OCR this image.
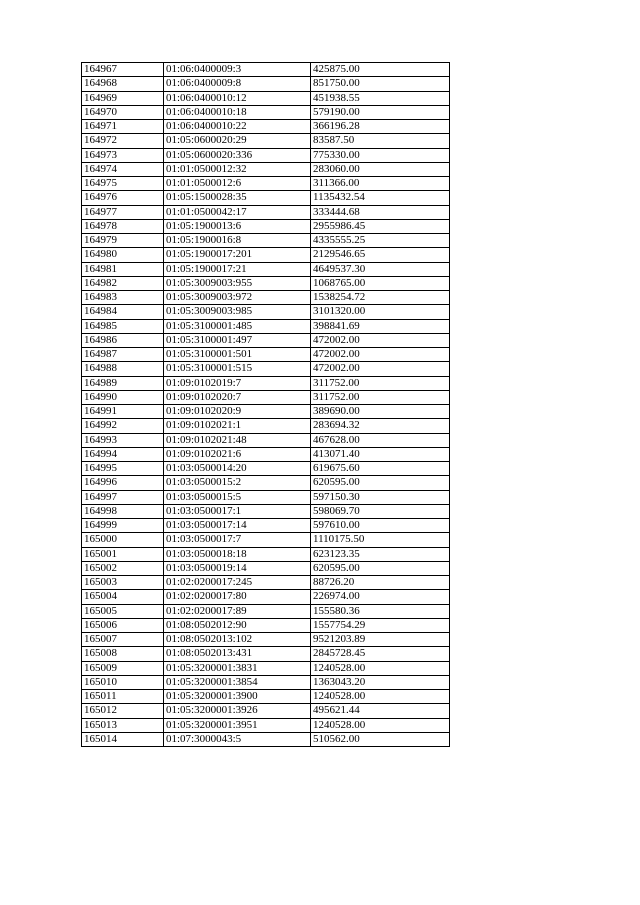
164967	01:06:0400009:3	425875.00
164968	01:06:0400009:8	851750.00
164969	01:06:0400010:12	451938.55
164970	01:06:0400010:18	579190.00
164971	01:06:0400010:22	366196.28
164972	01:05:0600020:29	83587.50
164973	01:05:0600020:336	775330.00
164974	01:01:0500012:32	283060.00
164975	01:01:0500012:6	311366.00
164976	01:05:1500028:35	1135432.54
164977	01:01:0500042:17	333444.68
164978	01:05:1900013:6	2955986.45
164979	01:05:1900016:8	4335555.25
164980	01:05:1900017:201	2129546.65
164981	01:05:1900017:21	4649537.30
164982	01:05:3009003:955	1068765.00
164983	01:05:3009003:972	1538254.72
164984	01:05:3009003:985	3101320.00
164985	01:05:3100001:485	398841.69
164986	01:05:3100001:497	472002.00
164987	01:05:3100001:501	472002.00
164988	01:05:3100001:515	472002.00
164989	01:09:0102019:7	311752.00
164990	01:09:0102020:7	311752.00
164991	01:09:0102020:9	389690.00
164992	01:09:0102021:1	283694.32
164993	01:09:0102021:48	467628.00
164994	01:09:0102021:6	413071.40
164995	01:03:0500014:20	619675.60
164996	01:03:0500015:2	620595.00
164997	01:03:0500015:5	597150.30
164998	01:03:0500017:1	598069.70
164999	01:03:0500017:14	597610.00
165000	01:03:0500017:7	1110175.50
165001	01:03:0500018:18	623123.35
165002	01:03:0500019:14	620595.00
165003	01:02:0200017:245	88726.20
165004	01:02:0200017:80	226974.00
165005	01:02:0200017:89	155580.36
165006	01:08:0502012:90	1557754.29
165007	01:08:0502013:102	9521203.89
165008	01:08:0502013:431	2845728.45
165009	01:05:3200001:3831	1240528.00
165010	01:05:3200001:3854	1363043.20
165011	01:05:3200001:3900	1240528.00
165012	01:05:3200001:3926	495621.44
165013	01:05:3200001:3951	1240528.00
165014	01:07:3000043:5	510562.00
